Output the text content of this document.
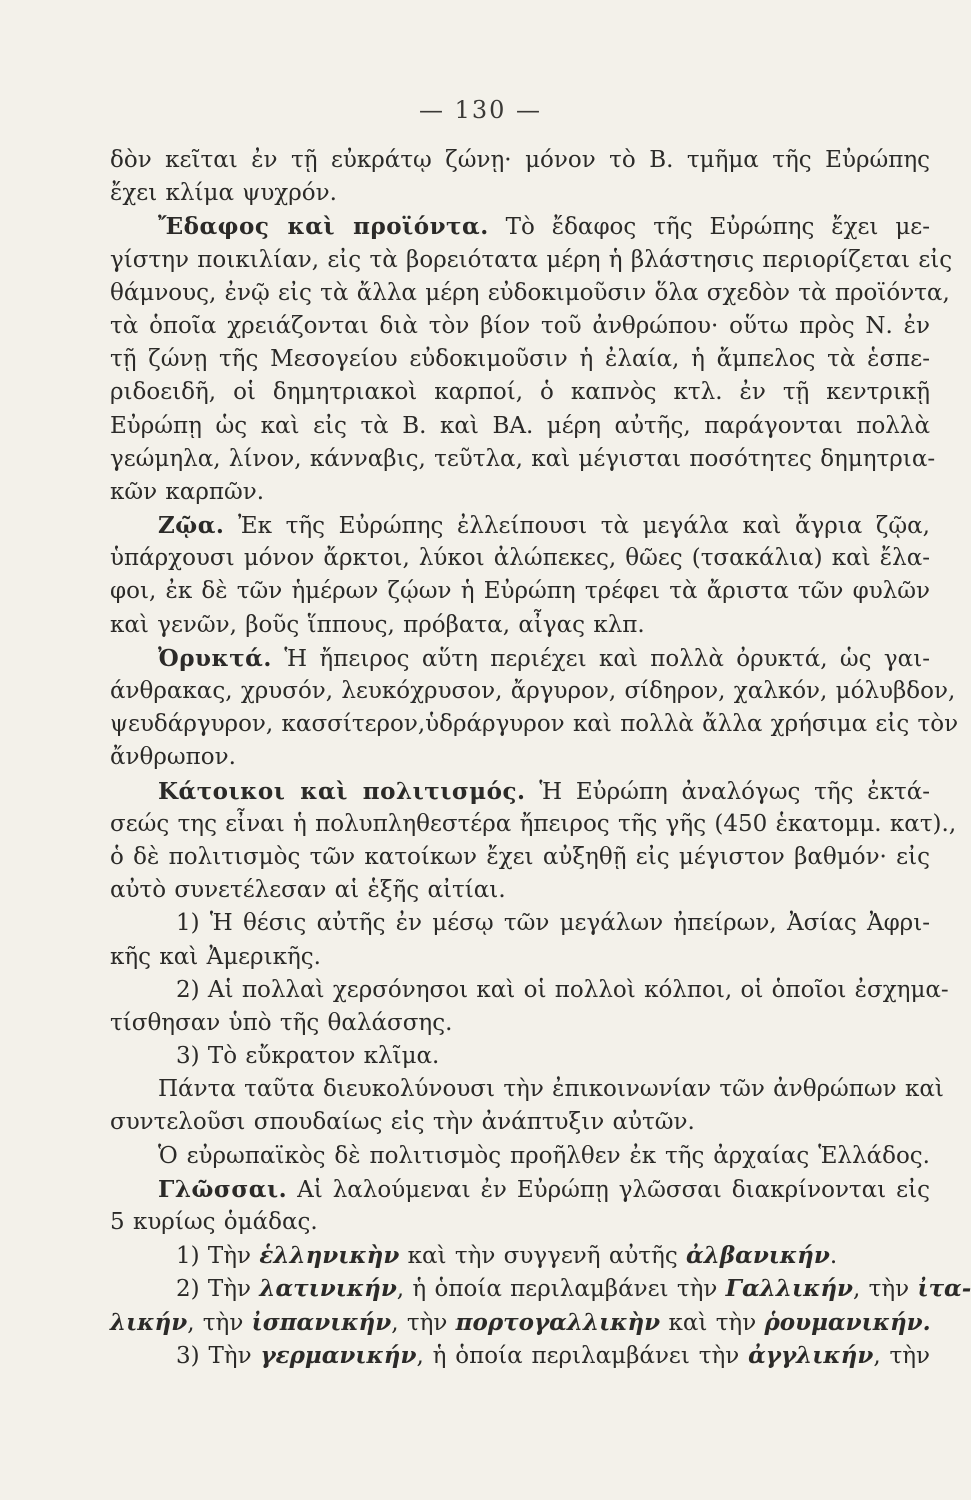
— 130 —
δὸν κεῖται ἐν τῇ εὐκράτῳ ζώνῃ· μόνον τὸ Β. τμῆμα τῆς Εὐρώπης
ἔχει κλίμα ψυχρόν.
Ἔδαφος καὶ προϊόντα. Τὸ ἔδαφος τῆς Εὐρώπης ἔχει με-
γίστην ποικιλίαν, εἰς τὰ βορειότατα μέρη ἡ βλάστησις περιορίζεται εἰς
θάμνους, ἐνῷ εἰς τὰ ἄλλα μέρη εὐδοκιμοῦσιν ὅλα σχεδὸν τὰ προϊόντα,
τὰ ὁποῖα χρειάζονται διὰ τὸν βίον τοῦ ἀνθρώπου· οὕτω πρὸς Ν. ἐν
τῇ ζώνῃ τῆς Μεσογείου εὐδοκιμοῦσιν ἡ ἐλαία, ἡ ἄμπελος τὰ ἑσπε-
ριδοειδῆ, οἱ δημητριακοὶ καρποί, ὁ καπνὸς κτλ. ἐν τῇ κεντρικῇ
Εὐρώπῃ ὡς καὶ εἰς τὰ Β. καὶ ΒΑ. μέρη αὐτῆς, παράγονται πολλὰ
γεώμηλα, λίνον, κάνναβις, τεῦτλα, καὶ μέγισται ποσότητες δημητρια-
κῶν καρπῶν.
Ζῷα. Ἐκ τῆς Εὐρώπης ἐλλείπουσι τὰ μεγάλα καὶ ἄγρια ζῷα,
ὑπάρχουσι μόνον ἄρκτοι, λύκοι ἀλώπεκες, θῶες (τσακάλια) καὶ ἔλα-
φοι, ἐκ δὲ τῶν ἡμέρων ζῴων ἡ Εὐρώπη τρέφει τὰ ἄριστα τῶν φυλῶν
καὶ γενῶν, βοῦς ἵππους, πρόβατα, αἶγας κλπ.
Ὀρυκτά. Ἡ ἤπειρος αὕτη περιέχει καὶ πολλὰ ὀρυκτά, ὡς γαι-
άνθρακας, χρυσόν, λευκόχρυσον, ἄργυρον, σίδηρον, χαλκόν, μόλυβδον,
ψευδάργυρον, κασσίτερον,ὑδράργυρον καὶ πολλὰ ἄλλα χρήσιμα εἰς τὸν
ἄνθρωπον.
Κάτοικοι καὶ πολιτισμός. Ἡ Εὐρώπη ἀναλόγως τῆς ἐκτά-
σεώς της εἶναι ἡ πολυπληθεστέρα ἤπειρος τῆς γῆς (450 ἑκατομμ. κατ).,
ὁ δὲ πολιτισμὸς τῶν κατοίκων ἔχει αὐξηθῇ εἰς μέγιστον βαθμόν· εἰς
αὐτὸ συνετέλεσαν αἱ ἑξῆς αἰτίαι.
1) Ἡ θέσις αὐτῆς ἐν μέσῳ τῶν μεγάλων ἠπείρων, Ἀσίας Ἀφρι-
κῆς καὶ Ἀμερικῆς.
2) Αἱ πολλαὶ χερσόνησοι καὶ οἱ πολλοὶ κόλποι, οἱ ὁποῖοι ἐσχημα-
τίσθησαν ὑπὸ τῆς θαλάσσης.
3) Τὸ εὔκρατον κλῖμα.
Πάντα ταῦτα διευκολύνουσι τὴν ἐπικοινωνίαν τῶν ἀνθρώπων καὶ
συντελοῦσι σπουδαίως εἰς τὴν ἀνάπτυξιν αὐτῶν.
Ὁ εὐρωπαϊκὸς δὲ πολιτισμὸς προῆλθεν ἐκ τῆς ἀρχαίας Ἑλλάδος.
Γλῶσσαι. Αἱ λαλούμεναι ἐν Εὐρώπῃ γλῶσσαι διακρίνονται εἰς
5 κυρίως ὁμάδας.
1) Τὴν ἑλληνικὴν καὶ τὴν συγγενῆ αὐτῆς ἀλβανικήν.
2) Τὴν λατινικήν, ἡ ὁποία περιλαμβάνει τὴν Γαλλικήν, τὴν ἰτα-
λικήν, τὴν ἰσπανικήν, τὴν πορτογαλλικὴν καὶ τὴν ῥουμανικήν.
3) Τὴν γερμανικήν, ἡ ὁποία περιλαμβάνει τὴν ἀγγλικήν, τὴν
